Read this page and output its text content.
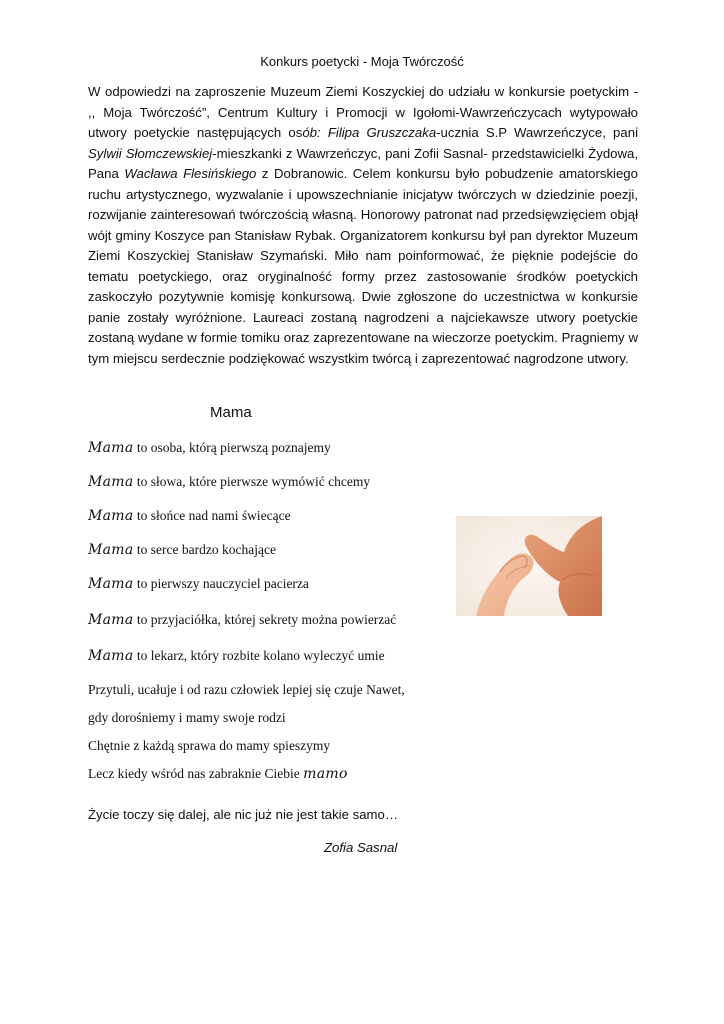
Konkurs poetycki - Moja Twórczość

W odpowiedzi na zaproszenie Muzeum Ziemi Koszyckiej do udziału w konkursie poetyckim - ,, Moja Twórczość”, Centrum Kultury i Promocji w Igołomi-Wawrzeńczycach wytypowało utwory poetyckie następujących osób: Filipa Gruszczaka-ucznia S.P Wawrzeńczyce, pani Sylwii Słomczewskiej-mieszkanki z Wawrzeńczyc, pani Zofii Sasnal- przedstawicielki Żydowa, Pana Wacława Flesińskiego z Dobranowic. Celem konkursu było pobudzenie amatorskiego ruchu artystycznego, wyzwalanie i upowszechnianie inicjatyw twórczych w dziedzinie poezji, rozwijanie zainteresowań twórczością własną. Honorowy patronat nad przedsięwzięciem objął wójt gminy Koszyce pan Stanisław Rybak. Organizatorem konkursu był pan dyrektor Muzeum Ziemi Koszyckiej Stanisław Szymański. Miło nam poinformować, że pięknie podejście do tematu poetyckiego, oraz oryginalność formy przez zastosowanie środków poetyckich zaskoczyło pozytywnie komisję konkursową. Dwie zgłoszone do uczestnictwa w konkursie panie zostały wyróżnione. Laureaci zostaną nagrodzeni a najciekawsze utwory poetyckie zostaną wydane w formie tomiku oraz zaprezentowane na wieczorze poetyckim. Pragniemy w tym miejscu serdecznie podziękować wszystkim twórcą i zaprezentować nagrodzone utwory.

Mama
Mama to osoba, którą pierwszą poznajemy
Mama to słowa, które pierwsze wymówić chcemy
Mama to słońce nad nami świecące
Mama to serce bardzo kochające
Mama to pierwszy nauczyciel pacierza
Mama to przyjaciółka, której sekrety można powierzać
Mama to lekarz, który rozbite kolano wyleczyć umie
Przytuli, ucałuje i od razu człowiek lepiej się czuje Nawet,
gdy dorośniemy i mamy swoje rodzi
Chętnie z każdą sprawa do mamy spieszymy
Lecz kiedy wśród nas zabraknie Ciebie mamo
Życie toczy się dalej, ale nic już nie jest takie samo…
Zofia Sasnal
